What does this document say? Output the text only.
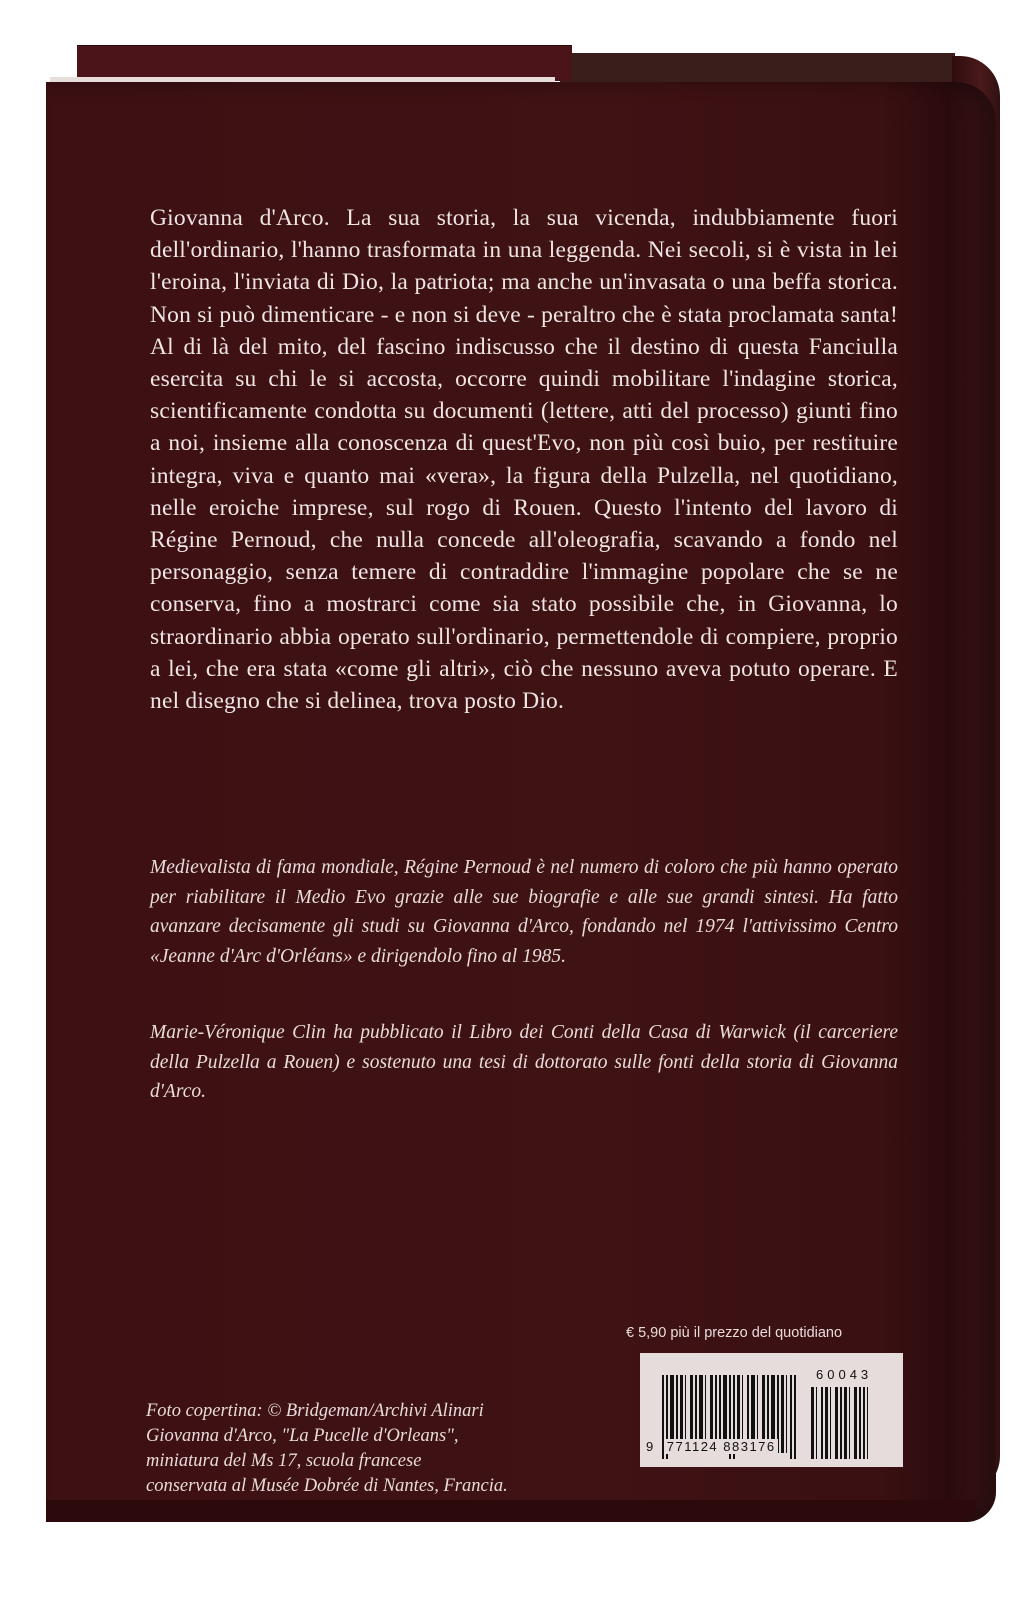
Giovanna d'Arco. La sua storia, la sua vicenda, indubbiamente fuori dell'ordinario, l'hanno trasformata in una leggenda. Nei secoli, si è vista in lei l'eroina, l'inviata di Dio, la patriota; ma anche un'invasata o una beffa storica. Non si può dimenticare - e non si deve - peraltro che è stata proclamata santa! Al di là del mito, del fascino indiscusso che il destino di questa Fanciulla esercita su chi le si accosta, occorre quindi mobilitare l'indagine storica, scientificamente condotta su documenti (lettere, atti del processo) giunti fino a noi, insieme alla conoscenza di quest'Evo, non più così buio, per restituire integra, viva e quanto mai «vera», la figura della Pulzella, nel quotidiano, nelle eroiche imprese, sul rogo di Rouen. Questo l'intento del lavoro di Régine Pernoud, che nulla concede all'oleografia, scavando a fondo nel personaggio, senza temere di contraddire l'immagine popolare che se ne conserva, fino a mostrarci come sia stato possibile che, in Giovanna, lo straordinario abbia operato sull'ordinario, permettendole di compiere, proprio a lei, che era stata «come gli altri», ciò che nessuno aveva potuto operare. E nel disegno che si delinea, trova posto Dio.

Medievalista di fama mondiale, Régine Pernoud è nel numero di coloro che più hanno operato per riabilitare il Medio Evo grazie alle sue biografie e alle sue grandi sintesi. Ha fatto avanzare decisamente gli studi su Giovanna d'Arco, fondando nel 1974 l'attivissimo Centro «Jeanne d'Arc d'Orléans» e dirigendolo fino al 1985.

Marie-Véronique Clin ha pubblicato il Libro dei Conti della Casa di Warwick (il carceriere della Pulzella a Rouen) e sostenuto una tesi di dottorato sulle fonti della storia di Giovanna d'Arco.

Foto copertina: © Bridgeman/Archivi Alinari
Giovanna d'Arco, "La Pucelle d'Orleans",
miniatura del Ms 17, scuola francese
conservata al Musée Dobrée di Nantes, Francia.
€ 5,90 più il prezzo del quotidiano
60043
9 771124 883176
